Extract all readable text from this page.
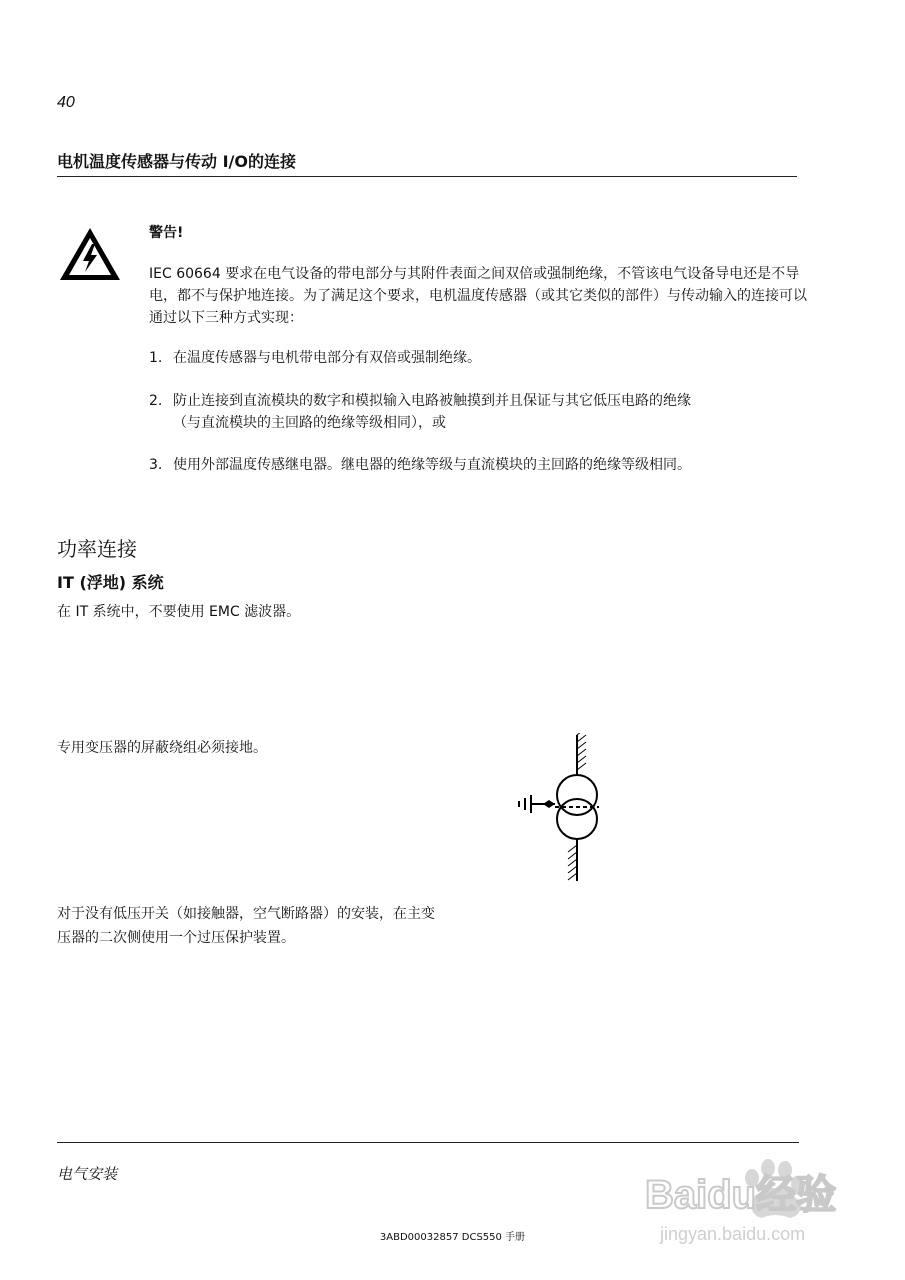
40
电机温度传感器与传动 I/O的连接
警告!
IEC 60664 要求在电气设备的带电部分与其附件表面之间双倍或强制绝缘，不管该电气设备导电还是不导电，都不与保护地连接。为了满足这个要求，电机温度传感器（或其它类似的部件）与传动输入的连接可以通过以下三种方式实现：
1. 在温度传感器与电机带电部分有双倍或强制绝缘。
2. 防止连接到直流模块的数字和模拟输入电路被触摸到并且保证与其它低压电路的绝缘
（与直流模块的主回路的绝缘等级相同），或
3. 使用外部温度传感继电器。继电器的绝缘等级与直流模块的主回路的绝缘等级相同。
功率连接
IT (浮地) 系统
在 IT 系统中，不要使用 EMC 滤波器。
专用变压器的屏蔽绕组必须接地。
对于没有低压开关（如接触器，空气断路器）的安装，在主变
压器的二次侧使用一个过压保护装置。
电气安装	Baidu经验
jingyan.baidu.com
3ABD00032857 DCS550 手册
